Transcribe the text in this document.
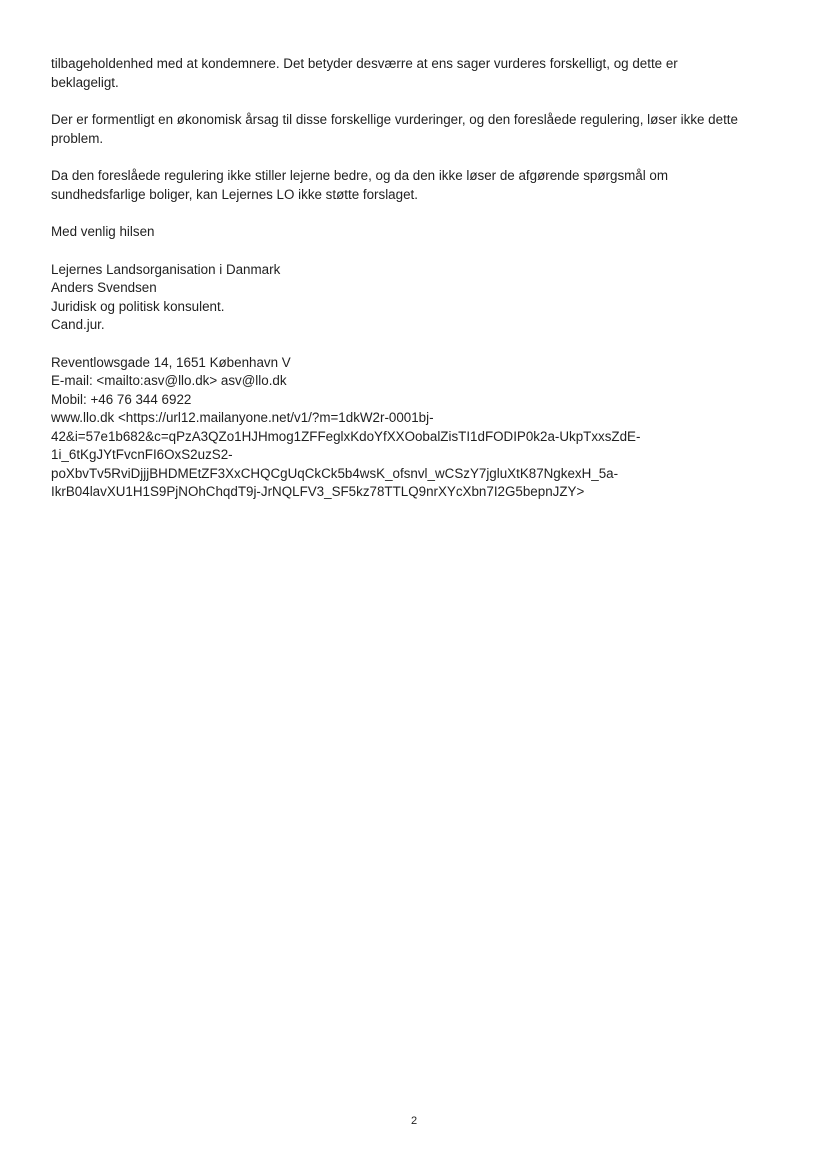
tilbageholdenhed med at kondemnere. Det betyder desværre at ens sager vurderes forskelligt, og dette er
beklageligt.

Der er formentligt en økonomisk årsag til disse forskellige vurderinger, og den foreslåede regulering, løser ikke dette
problem.

Da den foreslåede regulering ikke stiller lejerne bedre, og da den ikke løser de afgørende spørgsmål om
sundhedsfarlige boliger, kan Lejernes LO ikke støtte forslaget.

Med venlig hilsen

Lejernes Landsorganisation i Danmark
Anders Svendsen
Juridisk og politisk konsulent.
Cand.jur.

Reventlowsgade 14, 1651 København V
E-mail: <mailto:asv@llo.dk> asv@llo.dk
Mobil: +46 76 344 6922
www.llo.dk <https://url12.mailanyone.net/v1/?m=1dkW2r-0001bj-
42&i=57e1b682&c=qPzA3QZo1HJHmog1ZFFeglxKdoYfXXOobalZisTI1dFODIP0k2a-UkpTxxsZdE-
1i_6tKgJYtFvcnFI6OxS2uzS2-
poXbvTv5RviDjjjBHDMEtZF3XxCHQCgUqCkCk5b4wsK_ofsnvl_wCSzY7jgluXtK87NgkexH_5a-
IkrB04lavXU1H1S9PjNOhChqdT9j-JrNQLFV3_SF5kz78TTLQ9nrXYcXbn7I2G5bepnJZY>

2
